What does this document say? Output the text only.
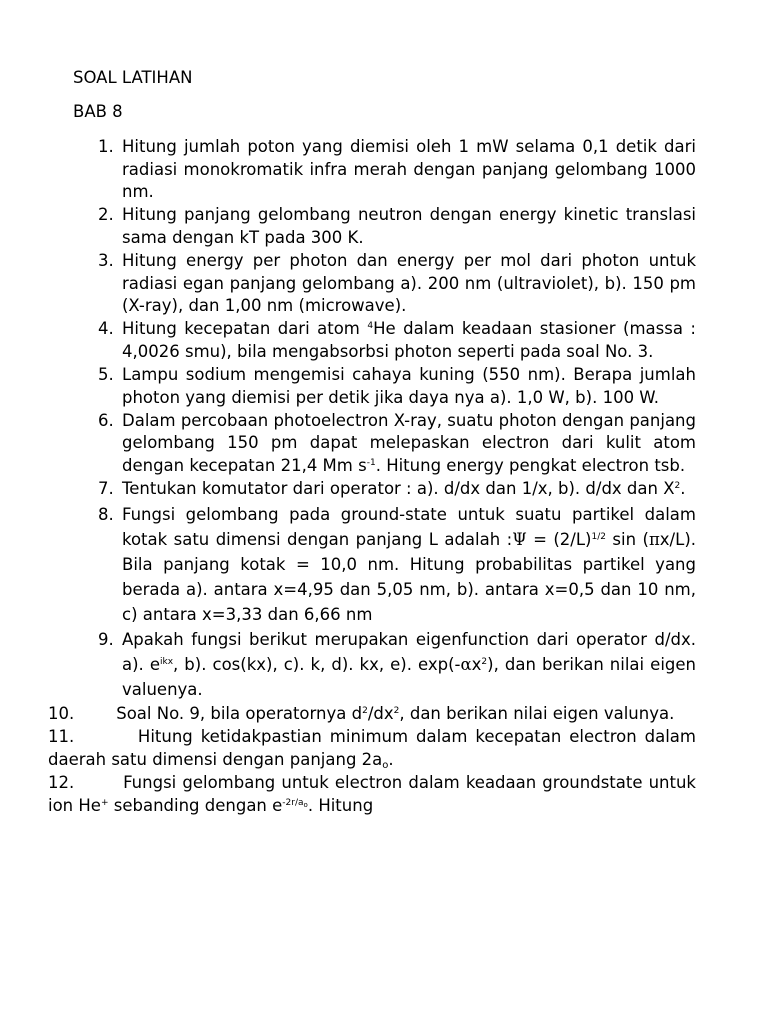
SOAL LATIHAN

BAB 8

1. Hitung jumlah poton yang diemisi oleh 1 mW selama 0,1 detik dari radiasi monokromatik infra merah dengan panjang gelombang 1000 nm.
2. Hitung panjang gelombang neutron dengan energy kinetic translasi sama dengan kT pada 300 K.
3. Hitung energy per photon dan energy per mol dari photon untuk radiasi egan panjang gelombang a). 200 nm (ultraviolet), b). 150 pm (X-ray), dan 1,00 nm (microwave).
4. Hitung kecepatan dari atom $^4$He dalam keadaan stasioner (massa : 4,0026 smu), bila mengabsorbsi photon seperti pada soal No. 3.
5. Lampu sodium mengemisi cahaya kuning (550 nm). Berapa jumlah photon yang diemisi per detik jika daya nya a). 1,0 W, b). 100 W.
6. Dalam percobaan photoelectron X-ray, suatu photon dengan panjang gelombang 150 pm dapat melepaskan electron dari kulit atom dengan kecepatan 21,4 Mm $s^{-1}$. Hitung energy pengkat electron tsb.
7. Tentukan komutator dari operator : a). d/dx dan 1/x, b). d/dx dan $X^2$.
8. Fungsi gelombang pada ground-state untuk suatu partikel dalam kotak satu dimensi dengan panjang L adalah :Ψ = $(2/L)^{1/2}$ sin (πx/L). Bila panjang kotak = 10,0 nm. Hitung probabilitas partikel yang berada a). antara x=4,95 dan 5,05 nm, b). antara x=0,5 dan 10 nm, c) antara x=3,33 dan 6,66 nm
9. Apakah fungsi berikut merupakan eigenfunction dari operator d/dx. a). $e^{ikx}$, b). cos(kx), c). k, d). kx, e). $\exp(-\alpha x^2)$, dan berikan nilai eigen valuenya.
10.	Soal No. 9, bila operatornya $d^2/dx^2$, dan berikan nilai eigen valunya.
11.	Hitung ketidakpastian minimum dalam kecepatan electron dalam daerah satu dimensi dengan panjang $2a_o$.
12.	Fungsi gelombang untuk electron dalam keadaan groundstate untuk ion He+ sebanding dengan $e^{-2r/a_o}$. Hitung
